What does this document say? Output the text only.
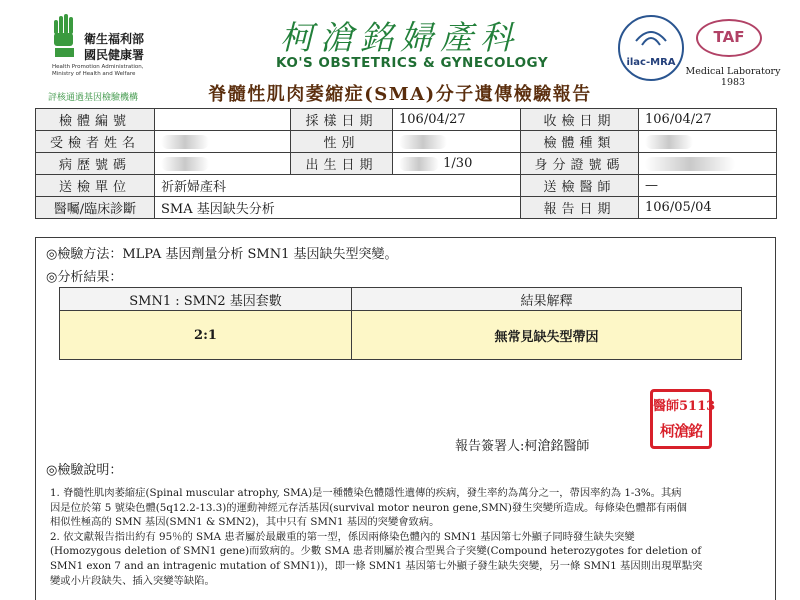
衛生福利部
國民健康署
Health Promotion Administration,
Ministry of Health and Welfare
評核通過基因檢驗機構
柯滄銘婦產科
KO'S OBSTETRICS & GYNECOLOGY	ilac-MRA
TAF
Medical Laboratory
1983
脊髓性肌肉萎縮症(SMA)分子遺傳檢驗報告
檢體編號		採樣日期	106/04/27	收檢日期	106/04/27
受檢者姓名		性別		檢體種類	
病歷號碼		出生日期	1/30	身分證號碼	
送檢單位	祈新婦產科			送檢醫師	—
醫囑/臨床診斷	SMA 基因缺失分析			報告日期	106/05/04
◎檢驗方法：MLPA 基因劑量分析 SMN1 基因缺失型突變。
◎分析結果：
SMN1 : SMN2 基因套數	結果解釋
2:1	無常見缺失型帶因
醫師5113
柯滄銘
報告簽署人:柯滄銘醫師
◎檢驗說明：

1. 脊髓性肌肉萎縮症(Spinal muscular atrophy, SMA)是一種體染色體隱性遺傳的疾病，發生率約為萬分之一，帶因率約為 1-3%。其病
因是位於第 5 號染色體(5q12.2-13.3)的運動神經元存活基因(survival motor neuron gene,SMN)發生突變所造成。每條染色體都有兩個
相似性極高的 SMN 基因(SMN1 & SMN2)，其中只有 SMN1 基因的突變會致病。

2. 依文獻報告指出約有 95％的 SMA 患者屬於最嚴重的第一型，係因兩條染色體內的 SMN1 基因第七外顯子同時發生缺失突變
(Homozygous deletion of SMN1 gene)而致病的。少數 SMA 患者則屬於複合型異合子突變(Compound heterozygotes for deletion of
SMN1 exon 7 and an intragenic mutation of SMN1))，即一條 SMN1 基因第七外顯子發生缺失突變，另一條 SMN1 基因則出現單點突
變或小片段缺失、插入突變等缺陷。
